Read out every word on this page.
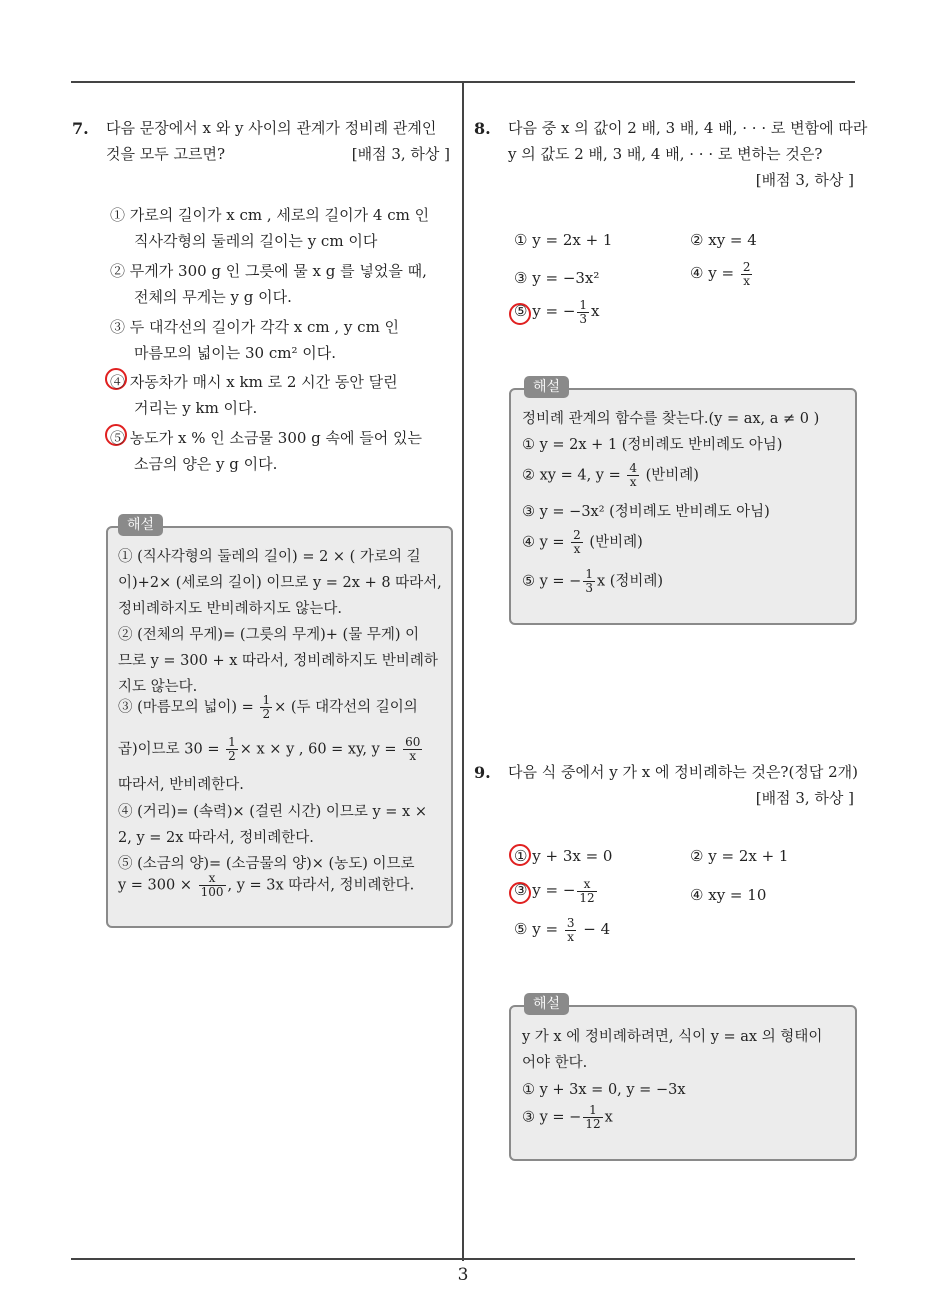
7. 다음 문장에서 x 와 y 사이의 관계가 정비례 관계인
것을 모두 고르면?	[배점 3, 하상 ]
① 가로의 길이가 x cm , 세로의 길이가 4 cm 인
직사각형의 둘레의 길이는 y cm 이다
② 무게가 300 g 인 그릇에 물 x g 를 넣었을 때,
전체의 무게는 y g 이다.
③ 두 대각선의 길이가 각각 x cm , y cm 인
마름모의 넓이는 30 cm² 이다.
④ 자동차가 매시 x km 로 2 시간 동안 달린
거리는 y km 이다.
⑤ 농도가 x % 인 소금물 300 g 속에 들어 있는
소금의 양은 y g 이다.
해설
① (직사각형의 둘레의 길이) = 2 × ( 가로의 길
이)+2× (세로의 길이) 이므로 y = 2x + 8 따라서,
정비례하지도 반비례하지도 않는다.
② (전체의 무게)= (그릇의 무게)+ (물 무게) 이
므로 y = 300 + x 따라서, 정비례하지도 반비례하
지도 않는다.
③ (마름모의 넓이) = $\frac{1}{2}$ × (두 대각선의 길이의
곱)이므로 $30 = \frac{1}{2} \times x \times y$ , 60 = xy, $y = \frac{60}{x}$
따라서, 반비례한다.
④ (거리)= (속력)× (걸린 시간) 이므로 y = x ×
2, y = 2x 따라서, 정비례한다.
⑤ (소금의 양)= (소금물의 양)× (농도) 이므로
$y = 300 \times \frac{x}{100}$ , y = 3x 따라서, 정비례한다.
8. 다음 중 x 의 값이 2 배, 3 배, 4 배, · · · 로 변함에 따라
y 의 값도 2 배, 3 배, 4 배, · · · 로 변하는 것은?
[배점 3, 하상 ]
① y = 2x + 1	② xy = 4
③ y = −3x²	④ $y = \frac{2}{x}$
⑤ y = − $\frac{1}{3}$ x
해설
정비례 관계의 함수를 찾는다.(y = ax, a ≠ 0 )
① y = 2x + 1 (정비례도 반비례도 아님)
② xy = 4, $y = \frac{4}{x}$ (반비례)
③ y = −3x² (정비례도 반비례도 아님)
④ $y = \frac{2}{x}$ (반비례)
⑤ y = − $\frac{1}{3}$ x (정비례)
9. 다음 식 중에서 y 가 x 에 정비례하는 것은?(정답 2개)
[배점 3, 하상 ]
① y + 3x = 0	② y = 2x + 1
③ y = − $\frac{x}{12}$	④ xy = 10
⑤ $y = \frac{3}{x} - 4$
해설
y 가 x 에 정비례하려면, 식이 y = ax 의 형태이
어야 한다.
① y + 3x = 0, y = −3x
③ y = − $\frac{1}{12}$ x
3
